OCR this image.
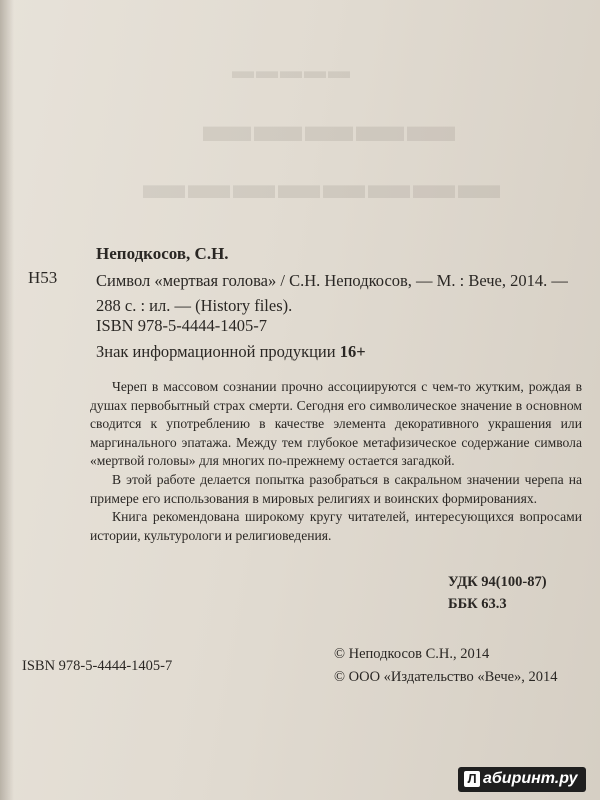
▬▬▬▬▬
▬▬▬▬▬
▬▬▬▬▬▬▬▬
Неподкосов, С.Н.
Н53 Символ «мертвая голова» / С.Н. Неподкосов, — М. : Вече, 2014. — 288 с. : ил. — (History files).
ISBN 978-5-4444-1405-7
Знак информационной продукции 16+

Череп в массовом сознании прочно ассоциируются с чем-то жутким, рождая в душах первобытный страх смерти. Сегодня его символическое значение в основном сводится к употреблению в качестве элемента декоративного украшения или маргинального эпатажа. Между тем глубокое метафизическое содержание символа «мертвой головы» для многих по-прежнему остается загадкой.

В этой работе делается попытка разобраться в сакральном значении черепа на примере его использования в мировых религиях и воинских формированиях.

Книга рекомендована широкому кругу читателей, интересующихся вопросами истории, культурологи и религиоведения.

УДК 94(100-87)
ББК 63.3
ISBN 978-5-4444-1405-7
© Неподкосов С.Н., 2014
© ООО «Издательство «Вече», 2014
Л абиринт.ру
